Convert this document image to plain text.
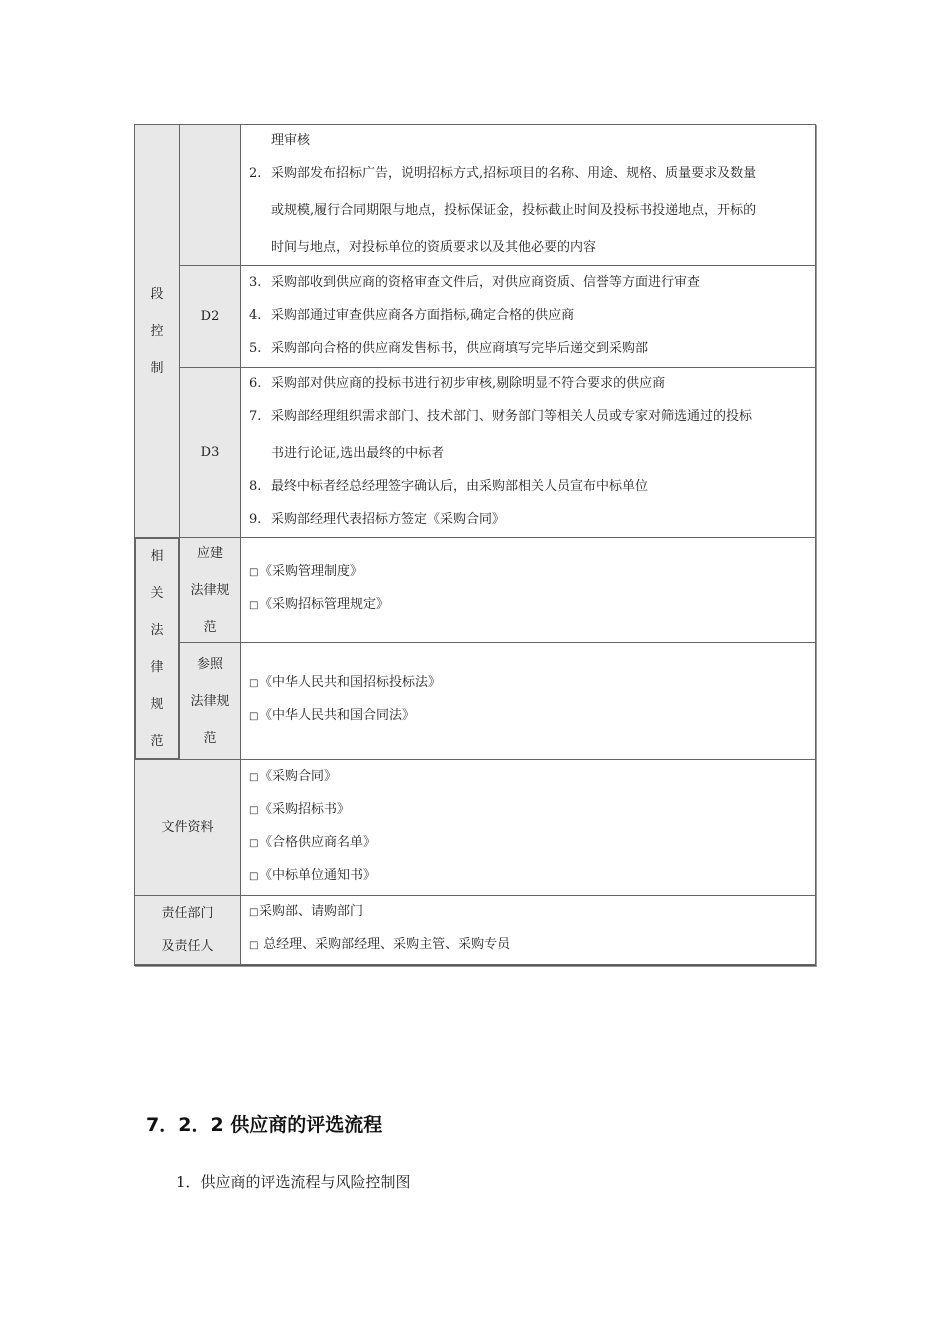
段
控
制
理审核
2. 采购部发布招标广告，说明招标方式,招标项目的名称、用途、规格、质量要求及数量
或规模,履行合同期限与地点，投标保证金，投标截止时间及投标书投递地点，开标的
时间与地点，对投标单位的资质要求以及其他必要的内容
D2
3. 采购部收到供应商的资格审查文件后，对供应商资质、信誉等方面进行审查
4. 采购部通过审查供应商各方面指标,确定合格的供应商
5. 采购部向合格的供应商发售标书，供应商填写完毕后递交到采购部
D3
6. 采购部对供应商的投标书进行初步审核,剔除明显不符合要求的供应商
7. 采购部经理组织需求部门、技术部门、财务部门等相关人员或专家对筛选通过的投标
书进行论证,选出最终的中标者
8. 最终中标者经总经理签字确认后，由采购部相关人员宣布中标单位
9. 采购部经理代表招标方签定《采购合同》
相
关
法
律
规
范
应建
法律规
范
□《采购管理制度》
□《采购招标管理规定》
参照
法律规
范
□《中华人民共和国招标投标法》
□《中华人民共和国合同法》
文件资料
□《采购合同》
□《采购招标书》
□《合格供应商名单》
□《中标单位通知书》
责任部门
及责任人
□采购部、请购部门
□ 总经理、采购部经理、采购主管、采购专员
7．2．2 供应商的评选流程
1．供应商的评选流程与风险控制图
